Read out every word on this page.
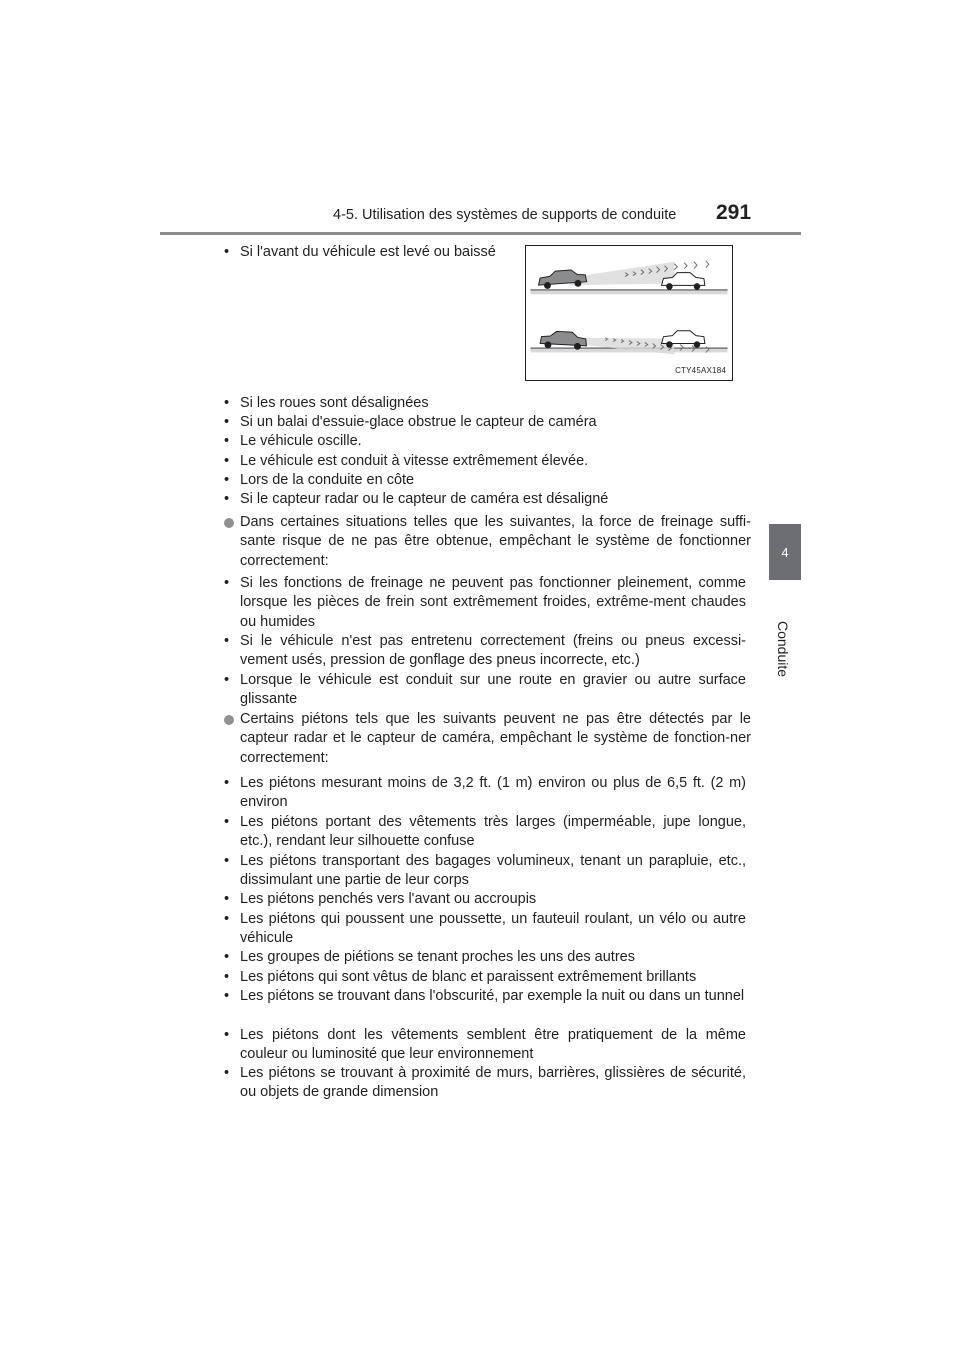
4-5. Utilisation des systèmes de supports de conduite 291
4
Conduite
CTY45AX184
• Si l'avant du véhicule est levé ou baissé
• Si les roues sont désalignées
• Si un balai d'essuie-glace obstrue le capteur de caméra
• Le véhicule oscille.
• Le véhicule est conduit à vitesse extrêmement élevée.
• Lors de la conduite en côte
• Si le capteur radar ou le capteur de caméra est désaligné
Dans certaines situations telles que les suivantes, la force de freinage suffi-sante risque de ne pas être obtenue, empêchant le système de fonctionner correctement:
• Si les fonctions de freinage ne peuvent pas fonctionner pleinement, comme lorsque les pièces de frein sont extrêmement froides, extrême-ment chaudes ou humides
• Si le véhicule n'est pas entretenu correctement (freins ou pneus excessi-vement usés, pression de gonflage des pneus incorrecte, etc.)
• Lorsque le véhicule est conduit sur une route en gravier ou autre surface glissante
Certains piétons tels que les suivants peuvent ne pas être détectés par le capteur radar et le capteur de caméra, empêchant le système de fonction-ner correctement:
• Les piétons mesurant moins de 3,2 ft. (1 m) environ ou plus de 6,5 ft. (2 m) environ
• Les piétons portant des vêtements très larges (imperméable, jupe longue, etc.), rendant leur silhouette confuse
• Les piétons transportant des bagages volumineux, tenant un parapluie, etc., dissimulant une partie de leur corps
• Les piétons penchés vers l'avant ou accroupis
• Les piétons qui poussent une poussette, un fauteuil roulant, un vélo ou autre véhicule
• Les groupes de piétions se tenant proches les uns des autres
• Les piétons qui sont vêtus de blanc et paraissent extrêmement brillants
• Les piétons se trouvant dans l'obscurité, par exemple la nuit ou dans un tunnel
• Les piétons dont les vêtements semblent être pratiquement de la même couleur ou luminosité que leur environnement
• Les piétons se trouvant à proximité de murs, barrières, glissières de sécurité, ou objets de grande dimension
